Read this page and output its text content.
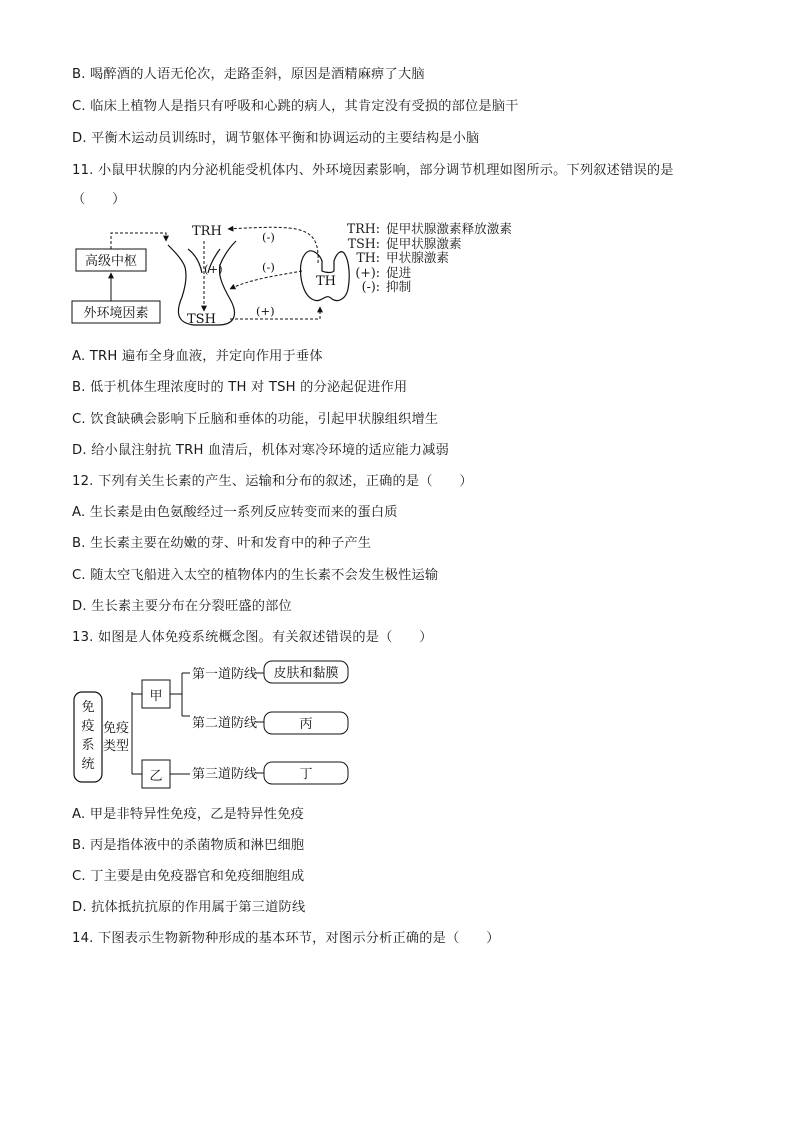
B. 喝醉酒的人语无伦次，走路歪斜，原因是酒精麻痹了大脑
C. 临床上植物人是指只有呼吸和心跳的病人，其肯定没有受损的部位是脑干
D. 平衡木运动员训练时，调节躯体平衡和协调运动的主要结构是小脑
11. 小鼠甲状腺的内分泌机能受机体内、外环境因素影响，部分调节机理如图所示。下列叙述错误的是
（　　）
高级中枢
外环境因素
TRH
TSH
(+)
(+)
(-)
(-)
TH
TRH: 促甲状腺激素释放激素
TSH: 促甲状腺激素
TH: 甲状腺激素
(+): 促进
(-): 抑制
A. TRH 遍布全身血液，并定向作用于垂体
B. 低于机体生理浓度时的 TH 对 TSH 的分泌起促进作用
C. 饮食缺碘会影响下丘脑和垂体的功能，引起甲状腺组织增生
D. 给小鼠注射抗 TRH 血清后，机体对寒冷环境的适应能力减弱
12. 下列有关生长素的产生、运输和分布的叙述，正确的是（　　）
A. 生长素是由色氨酸经过一系列反应转变而来的蛋白质
B. 生长素主要在幼嫩的芽、叶和发育中的种子产生
C. 随太空飞船进入太空的植物体内的生长素不会发生极性运输
D. 生长素主要分布在分裂旺盛的部位
13. 如图是人体免疫系统概念图。有关叙述错误的是（　　）
免
疫
系
统
免疫
类型
甲
乙
第一道防线
第二道防线
第三道防线
皮肤和黏膜
丙
丁
A. 甲是非特异性免疫，乙是特异性免疫
B. 丙是指体液中的杀菌物质和淋巴细胞
C. 丁主要是由免疫器官和免疫细胞组成
D. 抗体抵抗抗原的作用属于第三道防线
14. 下图表示生物新物种形成的基本环节，对图示分析正确的是（　　）
